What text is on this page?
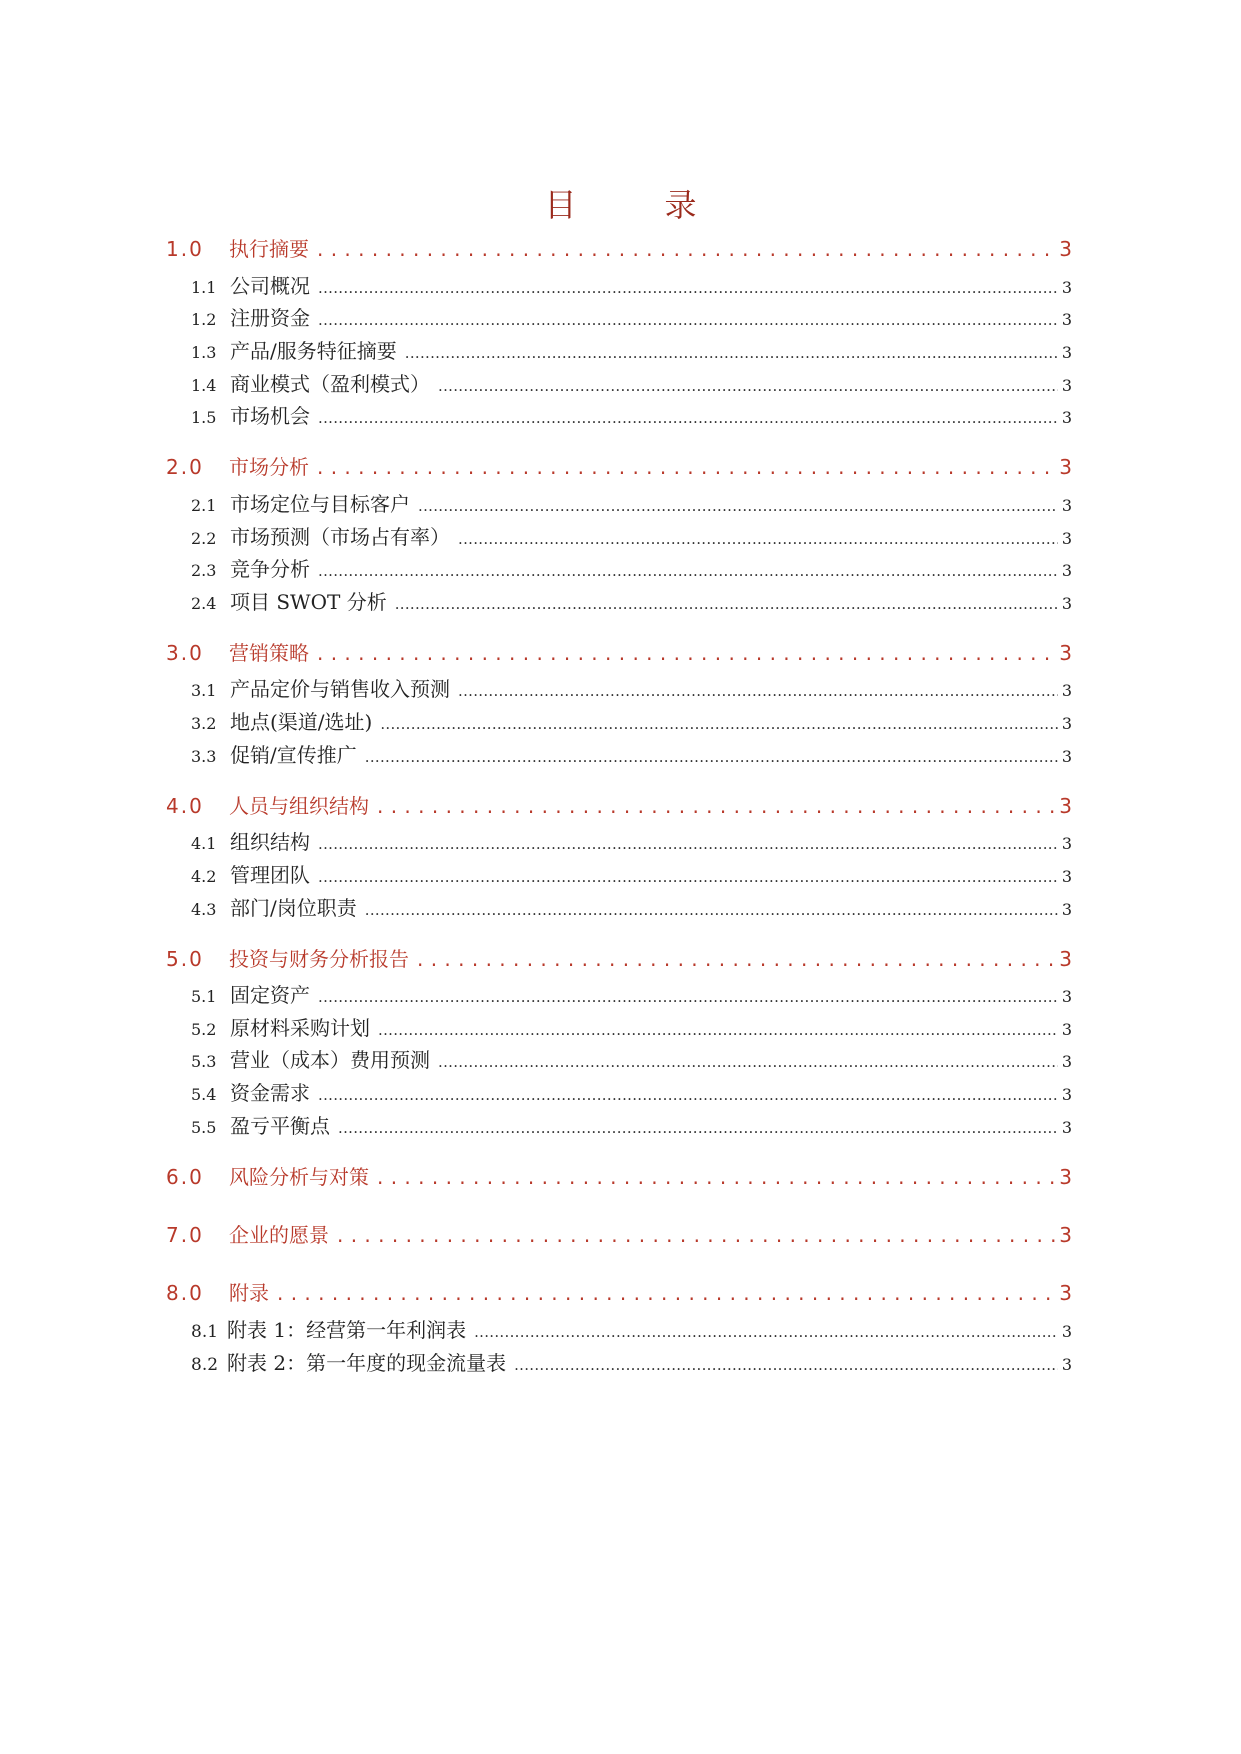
目　录
1.0	执行摘要 . . .	3
1.1 公司概况 .....	3
1.2 注册资金 .....	3
1.3 产品/服务特征摘要 .....	3
1.4 商业模式（盈利模式） .....	3
1.5 市场机会 .....	3
2.0	市场分析 . . .	3
2.1 市场定位与目标客户 .....	3
2.2 市场预测（市场占有率） .....	3
2.3 竞争分析 .....	3
2.4 项目 SWOT 分析 .....	3
3.0	营销策略 . . .	3
3.1 产品定价与销售收入预测 .....	3
3.2 地点(渠道/选址) .....	3
3.3 促销/宣传推广 .....	3
4.0	人员与组织结构 . . .	3
4.1 组织结构 .....	3
4.2 管理团队 .....	3
4.3 部门/岗位职责 .....	3
5.0	投资与财务分析报告 . . .	3
5.1 固定资产 .....	3
5.2 原材料采购计划 .....	3
5.3 营业（成本）费用预测 .....	3
5.4 资金需求 .....	3
5.5 盈亏平衡点 .....	3
6.0	风险分析与对策 . . .	3
7.0	企业的愿景 . . .	3
8.0	附录 . . .	3
8.1 附表 1：经营第一年利润表 .....	3
8.2 附表 2：第一年度的现金流量表 .....	3
